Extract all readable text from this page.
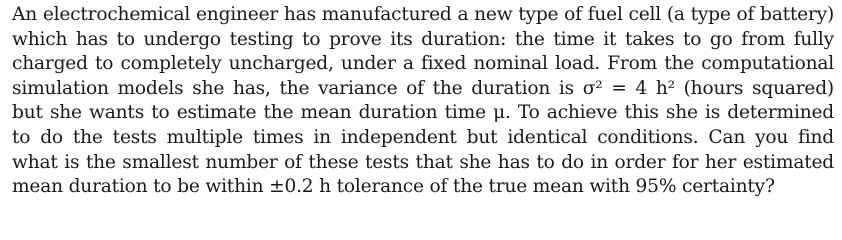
An electrochemical engineer has manufactured a new type of fuel cell (a type of battery)
which has to undergo testing to prove its duration: the time it takes to go from fully
charged to completely uncharged, under a fixed nominal load. From the computational
simulation models she has, the variance of the duration is σ² = 4 h² (hours squared)
but she wants to estimate the mean duration time μ. To achieve this she is determined
to do the tests multiple times in independent but identical conditions. Can you find
what is the smallest number of these tests that she has to do in order for her estimated
mean duration to be within ±0.2 h tolerance of the true mean with 95% certainty?
